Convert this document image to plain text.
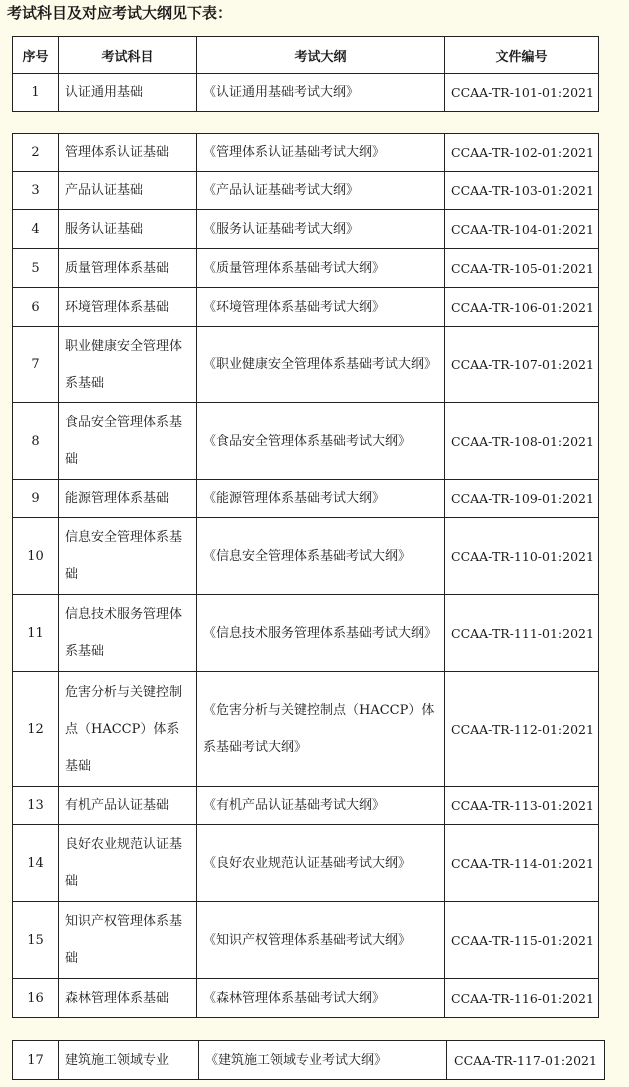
考试科目及对应考试大纲见下表：
序号	考试科目	考试大纲	文件编号
1	认证通用基础	《认证通用基础考试大纲》	CCAA-TR-101-01:2021
2	管理体系认证基础	《管理体系认证基础考试大纲》	CCAA-TR-102-01:2021
3	产品认证基础	《产品认证基础考试大纲》	CCAA-TR-103-01:2021
4	服务认证基础	《服务认证基础考试大纲》	CCAA-TR-104-01:2021
5	质量管理体系基础	《质量管理体系基础考试大纲》	CCAA-TR-105-01:2021
6	环境管理体系基础	《环境管理体系基础考试大纲》	CCAA-TR-106-01:2021
7	职业健康安全管理体系基础	《职业健康安全管理体系基础考试大纲》	CCAA-TR-107-01:2021
8	食品安全管理体系基础	《食品安全管理体系基础考试大纲》	CCAA-TR-108-01:2021
9	能源管理体系基础	《能源管理体系基础考试大纲》	CCAA-TR-109-01:2021
10	信息安全管理体系基础	《信息安全管理体系基础考试大纲》	CCAA-TR-110-01:2021
11	信息技术服务管理体系基础	《信息技术服务管理体系基础考试大纲》	CCAA-TR-111-01:2021
12	危害分析与关键控制点（HACCP）体系基础	《危害分析与关键控制点（HACCP）体系基础考试大纲》	CCAA-TR-112-01:2021
13	有机产品认证基础	《有机产品认证基础考试大纲》	CCAA-TR-113-01:2021
14	良好农业规范认证基础	《良好农业规范认证基础考试大纲》	CCAA-TR-114-01:2021
15	知识产权管理体系基础	《知识产权管理体系基础考试大纲》	CCAA-TR-115-01:2021
16	森林管理体系基础	《森林管理体系基础考试大纲》	CCAA-TR-116-01:2021
17	建筑施工领域专业	《建筑施工领域专业考试大纲》	CCAA-TR-117-01:2021
